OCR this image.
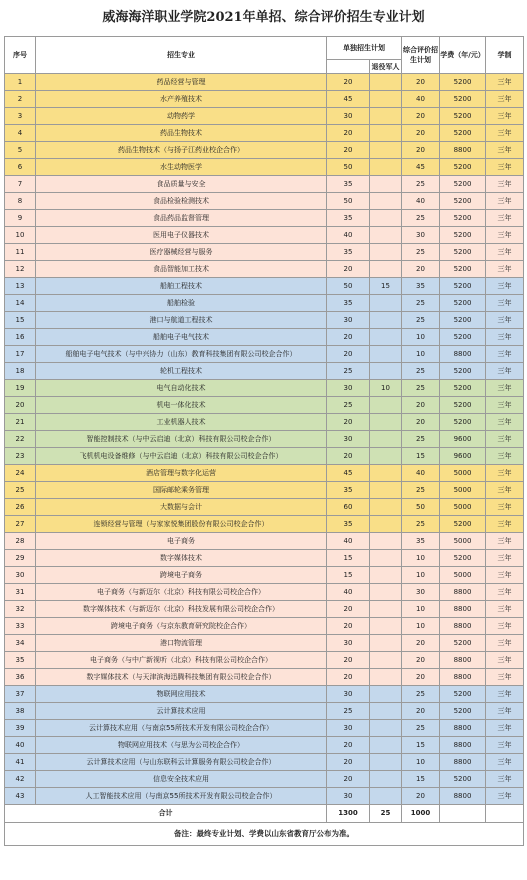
威海海洋职业学院2021年单招、综合评价招生专业计划
序号	招生专业	单独招生计划		综合评价招生计划	学费（年/元）	学制
			退役军人			
1	药品经营与管理	20		20	5200	三年
2	水产养殖技术	45		40	5200	三年
3	动物药学	30		20	5200	三年
4	药品生物技术	20		20	5200	三年
5	药品生物技术（与扬子江药业校企合作）	20		20	8800	三年
6	水生动物医学	50		45	5200	三年
7	食品质量与安全	35		25	5200	三年
8	食品检验检测技术	50		40	5200	三年
9	食品药品监督管理	35		25	5200	三年
10	医用电子仪器技术	40		30	5200	三年
11	医疗器械经营与服务	35		25	5200	三年
12	食品智能加工技术	20		20	5200	三年
13	船舶工程技术	50	15	35	5200	三年
14	船舶检验	35		25	5200	三年
15	港口与航道工程技术	30		25	5200	三年
16	船舶电子电气技术	20		10	5200	三年
17	船舶电子电气技术（与中兴协力（山东）教育科技集团有限公司校企合作）	20		10	8800	三年
18	轮机工程技术	25		25	5200	三年
19	电气自动化技术	30	10	25	5200	三年
20	机电一体化技术	25		20	5200	三年
21	工业机器人技术	20		20	5200	三年
22	智能控制技术（与中云启迪（北京）科技有限公司校企合作）	30		25	9600	三年
23	飞机机电设备维修（与中云启迪（北京）科技有限公司校企合作）	20		15	9600	三年
24	酒店管理与数字化运营	45		40	5000	三年
25	国际邮轮乘务管理	35		25	5000	三年
26	大数据与会计	60		50	5000	三年
27	连锁经营与管理（与家家悦集团股份有限公司校企合作）	35		25	5200	三年
28	电子商务	40		35	5000	三年
29	数字媒体技术	15		10	5200	三年
30	跨境电子商务	15		10	5000	三年
31	电子商务（与新迈尔（北京）科技有限公司校企合作）	40		30	8800	三年
32	数字媒体技术（与新迈尔（北京）科技发展有限公司校企合作）	20		10	8800	三年
33	跨境电子商务（与京东教育研究院校企合作）	20		10	8800	三年
34	港口物流管理	30		20	5200	三年
35	电子商务（与中广新视听（北京）科技有限公司校企合作）	20		20	8800	三年
36	数字媒体技术（与天津滨海迅腾科技集团有限公司校企合作）	20		20	8800	三年
37	物联网应用技术	30		25	5200	三年
38	云计算技术应用	25		20	5200	三年
39	云计算技术应用（与南京55所技术开发有限公司校企合作）	30		25	8800	三年
40	物联网应用技术（与思为公司校企合作）	20		15	8800	三年
41	云计算技术应用（与山东联科云计算服务有限公司校企合作）	20		10	8800	三年
42	信息安全技术应用	20		15	5200	三年
43	人工智能技术应用（与南京55所技术开发有限公司校企合作）	30		20	8800	三年
合计		1300	25	1000		
备注：最终专业计划、学费以山东省教育厅公布为准。						
